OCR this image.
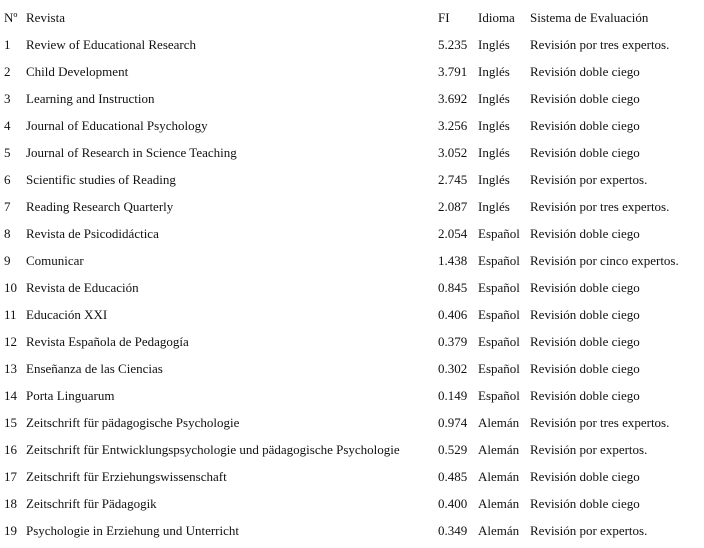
Nº	Revista	FI	Idioma	Sistema de Evaluación
1	Review of Educational Research	5.235	Inglés	Revisión por tres expertos.
2	Child Development	3.791	Inglés	Revisión doble ciego
3	Learning and Instruction	3.692	Inglés	Revisión doble ciego
4	Journal of Educational Psychology	3.256	Inglés	Revisión doble ciego
5	Journal of Research in Science Teaching	3.052	Inglés	Revisión doble ciego
6	Scientific studies of Reading	2.745	Inglés	Revisión por expertos.
7	Reading Research Quarterly	2.087	Inglés	Revisión por tres expertos.
8	Revista de Psicodidáctica	2.054	Español	Revisión doble ciego
9	Comunicar	1.438	Español	Revisión por cinco expertos.
10	Revista de Educación	0.845	Español	Revisión doble ciego
11	Educación XXI	0.406	Español	Revisión doble ciego
12	Revista Española de Pedagogía	0.379	Español	Revisión doble ciego
13	Enseñanza de las Ciencias	0.302	Español	Revisión doble ciego
14	Porta Linguarum	0.149	Español	Revisión doble ciego
15	Zeitschrift für pädagogische Psychologie	0.974	Alemán	Revisión por tres expertos.
16	Zeitschrift für Entwicklungspsychologie und pädagogische Psychologie	0.529	Alemán	Revisión por expertos.
17	Zeitschrift für Erziehungswissenschaft	0.485	Alemán	Revisión doble ciego
18	Zeitschrift für Pädagogik	0.400	Alemán	Revisión doble ciego
19	Psychologie in Erziehung und Unterricht	0.349	Alemán	Revisión por expertos.
